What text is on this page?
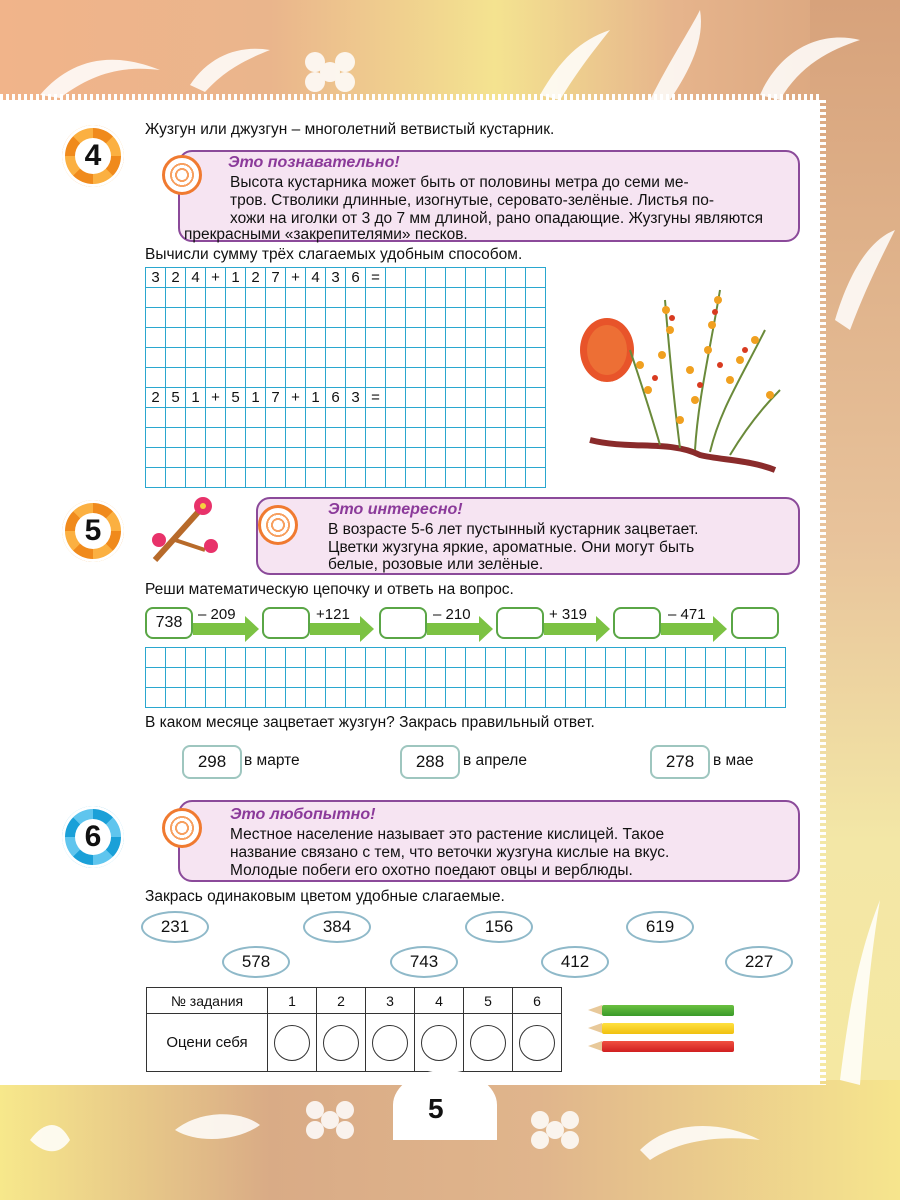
4
Жузгун или джузгун – многолетний ветвистый кустарник.
Это познавательно!
Высота кустарника может быть от половины метра до семи ме-
тров. Стволики длинные, изогнутые, серовато-зелёные. Листья по-
хожи на иголки от 3 до 7 мм длиной, рано опадающие. Жузгуны являются
прекрасными «закрепителями» песков.
Вычисли сумму трёх слагаемых удобным способом.
3 2 4 + 1 2 7 + 4 3 6 =
2 5 1 + 5 1 7 + 1 6 3 =
5
Это интересно!
В возрасте 5-6 лет пустынный кустарник зацветает.
Цветки жузгуна яркие, ароматные. Они могут быть
белые, розовые или зелёные.
Реши математическую цепочку и ответь на вопрос.
738	– 209	+121	– 210	+ 319	– 471
В каком месяце зацветает жузгун? Закрась правильный ответ.
298	в марте	288	в апреле	278	в мае
6
Это любопытно!
Местное население называет это растение кислицей. Такое
название связано с тем, что веточки жузгуна кислые на вкус.
Молодые побеги его охотно поедают овцы и верблюды.
Закрась одинаковым цветом удобные слагаемые.
231	384	156	619
578	743	412	227
№ задания	1	2	3	4	5	6
Оцени себя	

5
